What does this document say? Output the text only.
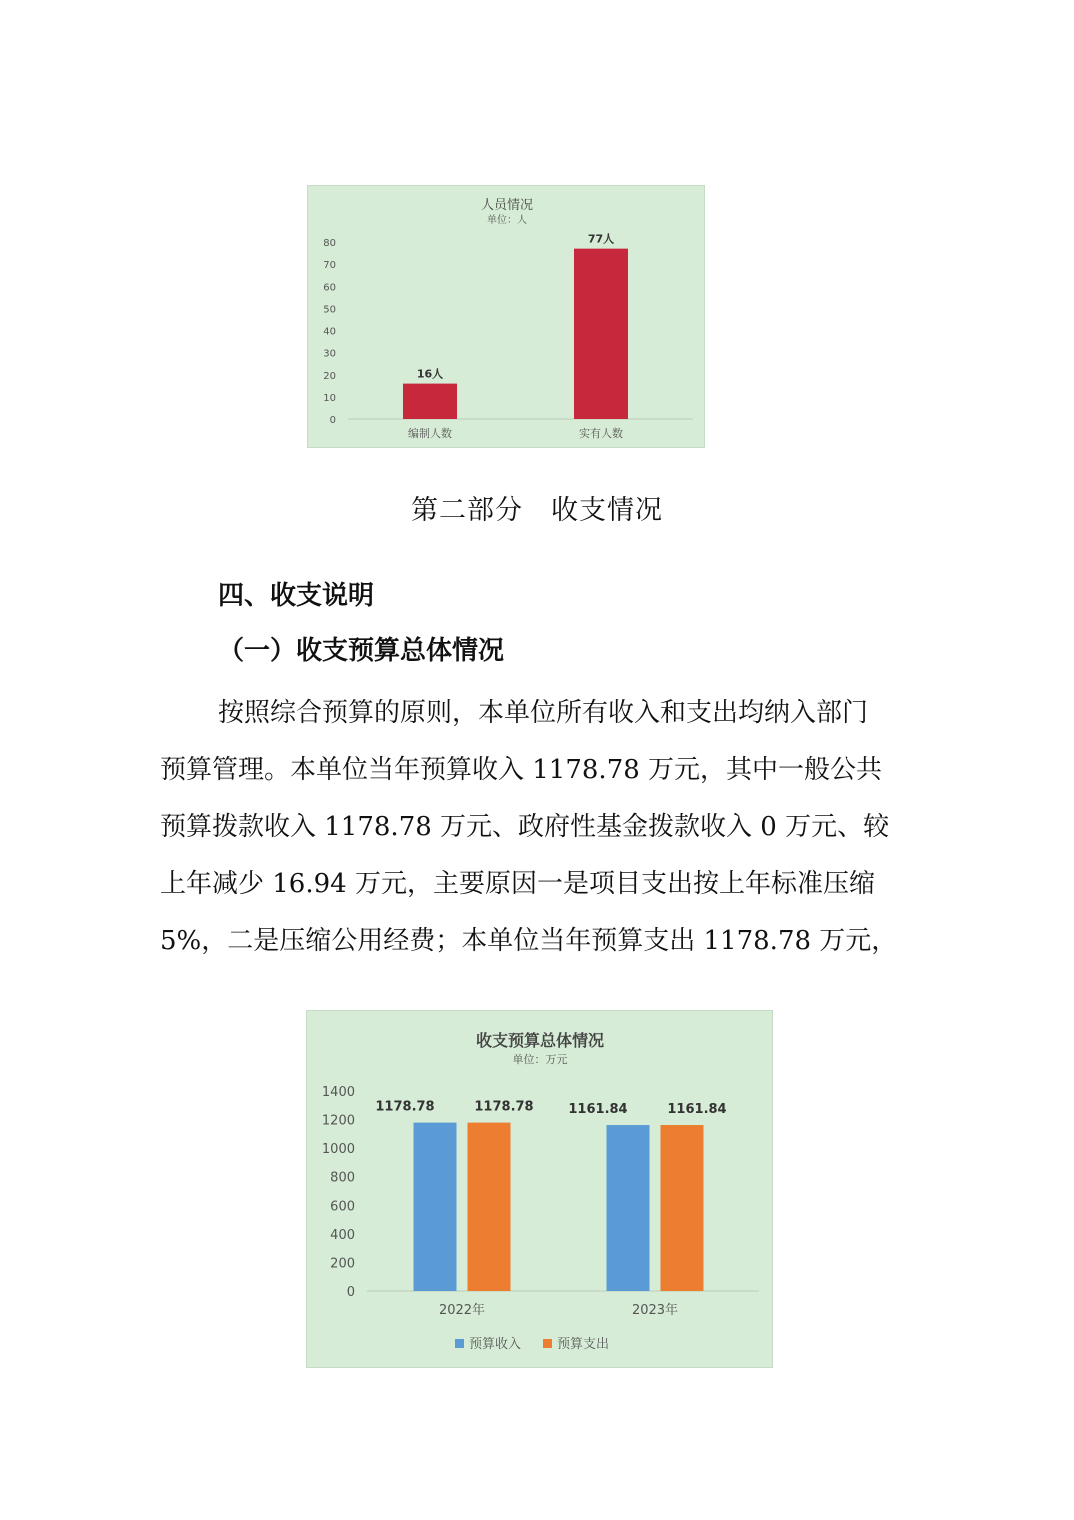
人员情况
单位：人
0
10
20
30
40
50
60
70
80
16人
编制人数
77人
实有人数
第二部分　收支情况
四、收支说明
（一）收支预算总体情况
按照综合预算的原则，本单位所有收入和支出均纳入部门
预算管理。本单位当年预算收入 1178.78 万元，其中一般公共
预算拨款收入 1178.78 万元、政府性基金拨款收入 0 万元、较
上年减少 16.94 万元，主要原因一是项目支出按上年标准压缩
5%，二是压缩公用经费；本单位当年预算支出 1178.78 万元，
收支预算总体情况
单位：万元
0
200
400
600
800
1000
1200
1400
1178.78	1178.78
2022年
1161.84	1161.84
2023年
预算收入	预算支出
